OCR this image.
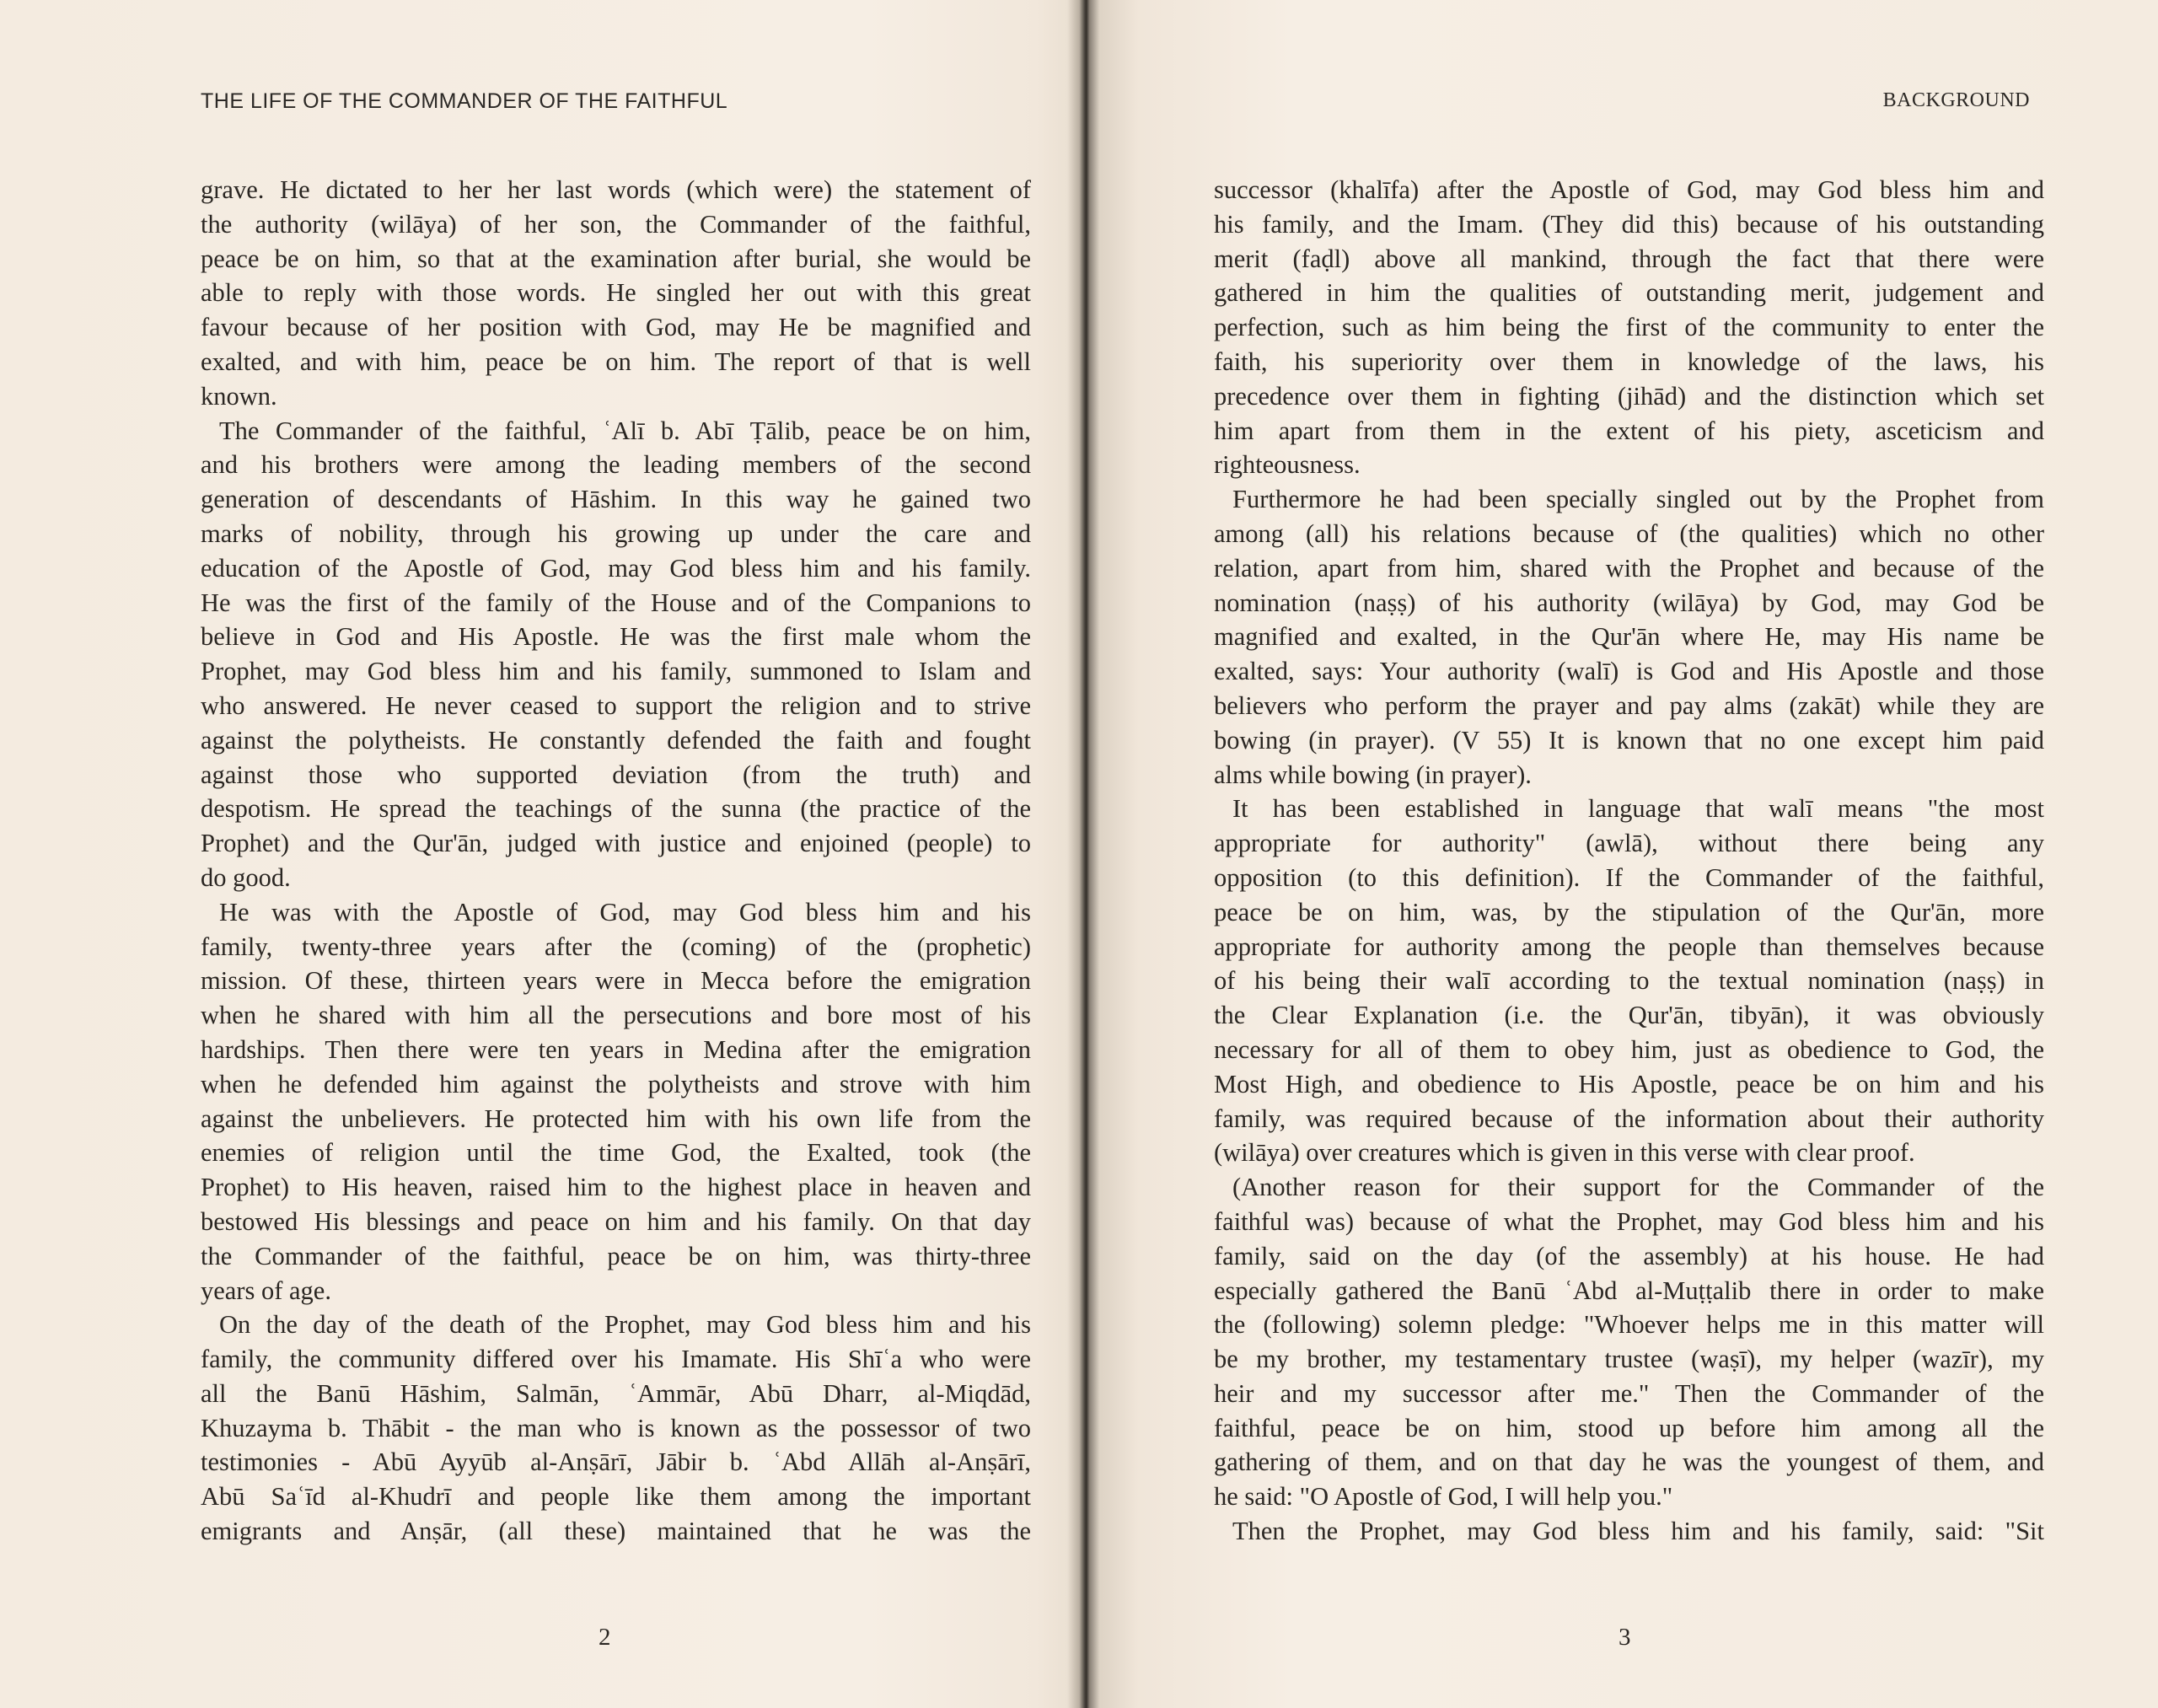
THE LIFE OF THE COMMANDER OF THE FAITHFUL
grave. He dictated to her her last words (which were) the statement of
the authority (wilāya) of her son, the Commander of the faithful,
peace be on him, so that at the examination after burial, she would be
able to reply with those words. He singled her out with this great
favour because of her position with God, may He be magnified and
exalted, and with him, peace be on him. The report of that is well
known.
The Commander of the faithful, ʿAlī b. Abī Ṭālib, peace be on him,
and his brothers were among the leading members of the second
generation of descendants of Hāshim. In this way he gained two
marks of nobility, through his growing up under the care and
education of the Apostle of God, may God bless him and his family.
He was the first of the family of the House and of the Companions to
believe in God and His Apostle. He was the first male whom the
Prophet, may God bless him and his family, summoned to Islam and
who answered. He never ceased to support the religion and to strive
against the polytheists. He constantly defended the faith and fought
against those who supported deviation (from the truth) and
despotism. He spread the teachings of the sunna (the practice of the
Prophet) and the Qur'ān, judged with justice and enjoined (people) to
do good.
He was with the Apostle of God, may God bless him and his
family, twenty-three years after the (coming) of the (prophetic)
mission. Of these, thirteen years were in Mecca before the emigration
when he shared with him all the persecutions and bore most of his
hardships. Then there were ten years in Medina after the emigration
when he defended him against the polytheists and strove with him
against the unbelievers. He protected him with his own life from the
enemies of religion until the time God, the Exalted, took (the
Prophet) to His heaven, raised him to the highest place in heaven and
bestowed His blessings and peace on him and his family. On that day
the Commander of the faithful, peace be on him, was thirty-three
years of age.
On the day of the death of the Prophet, may God bless him and his
family, the community differed over his Imamate. His Shīʿa who were
all the Banū Hāshim, Salmān, ʿAmmār, Abū Dharr, al-Miqdād,
Khuzayma b. Thābit - the man who is known as the possessor of two
testimonies - Abū Ayyūb al-Anṣārī, Jābir b. ʿAbd Allāh al-Anṣārī,
Abū Saʿīd al-Khudrī and people like them among the important
emigrants and Anṣār, (all these) maintained that he was the
2
BACKGROUND
successor (khalīfa) after the Apostle of God, may God bless him and
his family, and the Imam. (They did this) because of his outstanding
merit (faḍl) above all mankind, through the fact that there were
gathered in him the qualities of outstanding merit, judgement and
perfection, such as him being the first of the community to enter the
faith, his superiority over them in knowledge of the laws, his
precedence over them in fighting (jihād) and the distinction which set
him apart from them in the extent of his piety, asceticism and
righteousness.
Furthermore he had been specially singled out by the Prophet from
among (all) his relations because of (the qualities) which no other
relation, apart from him, shared with the Prophet and because of the
nomination (naṣṣ) of his authority (wilāya) by God, may God be
magnified and exalted, in the Qur'ān where He, may His name be
exalted, says: Your authority (walī) is God and His Apostle and those
believers who perform the prayer and pay alms (zakāt) while they are
bowing (in prayer). (V 55) It is known that no one except him paid
alms while bowing (in prayer).
It has been established in language that walī means "the most
appropriate for authority" (awlā), without there being any
opposition (to this definition). If the Commander of the faithful,
peace be on him, was, by the stipulation of the Qur'ān, more
appropriate for authority among the people than themselves because
of his being their walī according to the textual nomination (naṣṣ) in
the Clear Explanation (i.e. the Qur'ān, tibyān), it was obviously
necessary for all of them to obey him, just as obedience to God, the
Most High, and obedience to His Apostle, peace be on him and his
family, was required because of the information about their authority
(wilāya) over creatures which is given in this verse with clear proof.
(Another reason for their support for the Commander of the
faithful was) because of what the Prophet, may God bless him and his
family, said on the day (of the assembly) at his house. He had
especially gathered the Banū ʿAbd al-Muṭṭalib there in order to make
the (following) solemn pledge: "Whoever helps me in this matter will
be my brother, my testamentary trustee (waṣī), my helper (wazīr), my
heir and my successor after me." Then the Commander of the
faithful, peace be on him, stood up before him among all the
gathering of them, and on that day he was the youngest of them, and
he said: "O Apostle of God, I will help you."
Then the Prophet, may God bless him and his family, said: "Sit
3
